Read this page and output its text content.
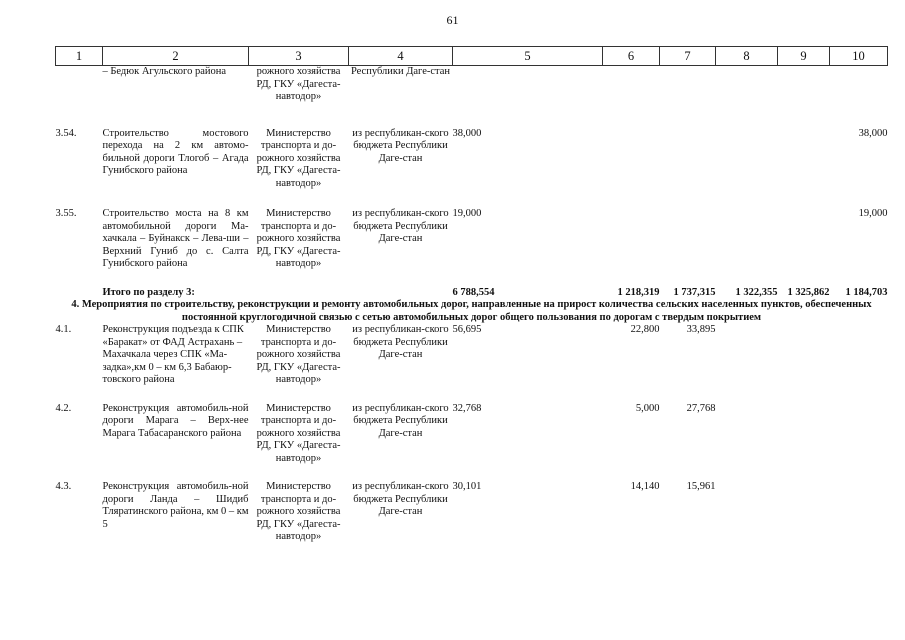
61
1	2	3	4	5	6	7	8	9	10
	– Бедюк Агульского района	рожного хозяйства РД, ГКУ «Дагеста-навтодор»	Республики Даге-стан						

3.54.	Строительство мостового перехода на 2 км автомо-бильной дороги Тлогоб – Агада Гунибского района	Министерство транспорта и до-рожного хозяйства РД, ГКУ «Дагеста-навтодор»	из республикан-ского бюджета Республики Даге-стан	38,000					38,000

3.55.	Строительство моста на 8 км автомобильной дороги Ма-хачкала – Буйнакск – Лева-ши – Верхний Гуниб до с. Салта Гунибского района	Министерство транспорта и до-рожного хозяйства РД, ГКУ «Дагеста-навтодор»	из республикан-ского бюджета Республики Даге-стан	19,000					19,000

	Итого по разделу 3:			6 788,554	1 218,319	1 737,315	1 322,355	1 325,862	1 184,703
4. Мероприятия по строительству, реконструкции и ремонту автомобильных дорог, направленные на прирост количества сельских населенных пунктов, обеспеченных постоянной круглогодичной связью с сетью автомобильных дорог общего пользования по дорогам с твердым покрытием									
4.1.	Реконструкция подъезда к СПК «Баракат» от ФАД Астрахань –
Махачкала через СПК «Ма-задка»,км 0 – км 6,3 Бабаюр-товского района	Министерство транспорта и до-рожного хозяйства РД, ГКУ «Дагеста-навтодор»	из республикан-ского бюджета Республики Даге-стан	56,695	22,800	33,895			

4.2.	Реконструкция автомобиль-ной дороги Марага – Верх-нее Марага Табасаранского района	Министерство транспорта и до-рожного хозяйства РД, ГКУ «Дагеста-навтодор»	из республикан-ского бюджета Республики Даге-стан	32,768	5,000	27,768			

4.3.	Реконструкция автомобиль-ной дороги Ланда – Шидиб Тляратинского района, км 0 – км 5	Министерство транспорта и до-рожного хозяйства РД, ГКУ «Дагеста-навтодор»	из республикан-ского бюджета Республики Даге-стан	30,101	14,140	15,961			
